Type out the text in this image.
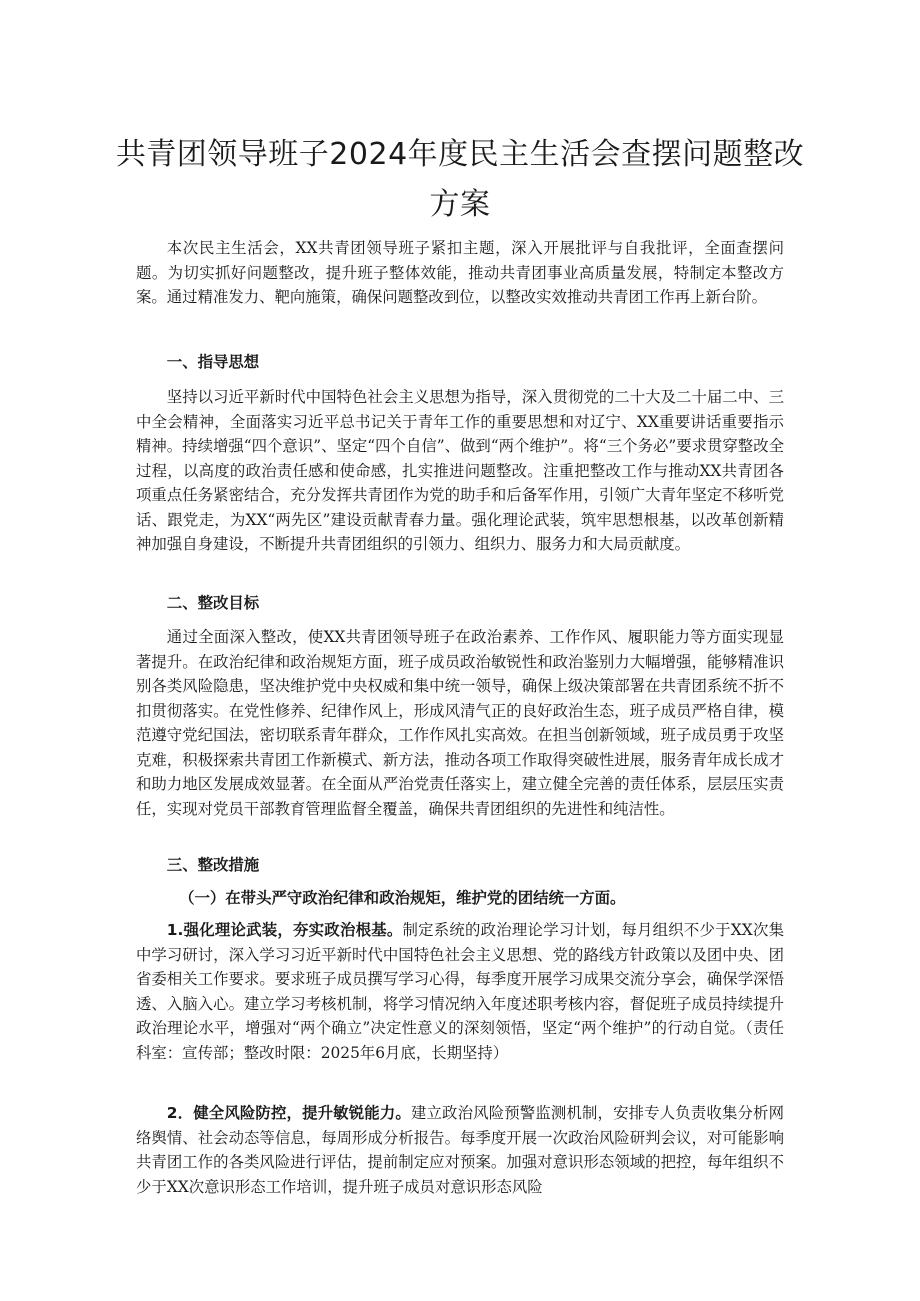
共青团领导班子2024年度民主生活会查摆问题整改
方案

本次民主生活会，XX共青团领导班子紧扣主题，深入开展批评与自我批评，全面查摆问题。为切实抓好问题整改，提升班子整体效能，推动共青团事业高质量发展，特制定本整改方案。通过精准发力、靶向施策，确保问题整改到位，以整改实效推动共青团工作再上新台阶。

一、指导思想

坚持以习近平新时代中国特色社会主义思想为指导，深入贯彻党的二十大及二十届二中、三中全会精神，全面落实习近平总书记关于青年工作的重要思想和对辽宁、XX重要讲话重要指示精神。持续增强“四个意识”、坚定“四个自信”、做到“两个维护”。将“三个务必”要求贯穿整改全过程，以高度的政治责任感和使命感，扎实推进问题整改。注重把整改工作与推动XX共青团各项重点任务紧密结合，充分发挥共青团作为党的助手和后备军作用，引领广大青年坚定不移听党话、跟党走，为XX“两先区”建设贡献青春力量。强化理论武装，筑牢思想根基，以改革创新精神加强自身建设，不断提升共青团组织的引领力、组织力、服务力和大局贡献度。

二、整改目标

通过全面深入整改，使XX共青团领导班子在政治素养、工作作风、履职能力等方面实现显著提升。在政治纪律和政治规矩方面，班子成员政治敏锐性和政治鉴别力大幅增强，能够精准识别各类风险隐患，坚决维护党中央权威和集中统一领导，确保上级决策部署在共青团系统不折不扣贯彻落实。在党性修养、纪律作风上，形成风清气正的良好政治生态，班子成员严格自律，模范遵守党纪国法，密切联系青年群众，工作作风扎实高效。在担当创新领域，班子成员勇于攻坚克难，积极探索共青团工作新模式、新方法，推动各项工作取得突破性进展，服务青年成长成才和助力地区发展成效显著。在全面从严治党责任落实上，建立健全完善的责任体系，层层压实责任，实现对党员干部教育管理监督全覆盖，确保共青团组织的先进性和纯洁性。

三、整改措施

（一）在带头严守政治纪律和政治规矩，维护党的团结统一方面。

1.强化理论武装，夯实政治根基。制定系统的政治理论学习计划，每月组织不少于XX次集中学习研讨，深入学习习近平新时代中国特色社会主义思想、党的路线方针政策以及团中央、团省委相关工作要求。要求班子成员撰写学习心得，每季度开展学习成果交流分享会，确保学深悟透、入脑入心。建立学习考核机制，将学习情况纳入年度述职考核内容，督促班子成员持续提升政治理论水平，增强对“两个确立”决定性意义的深刻领悟，坚定“两个维护”的行动自觉。（责任科室：宣传部；整改时限：2025年6月底，长期坚持）

2．健全风险防控，提升敏锐能力。建立政治风险预警监测机制，安排专人负责收集分析网络舆情、社会动态等信息，每周形成分析报告。每季度开展一次政治风险研判会议，对可能影响共青团工作的各类风险进行评估，提前制定应对预案。加强对意识形态领域的把控，每年组织不少于XX次意识形态工作培训，提升班子成员对意识形态风险
